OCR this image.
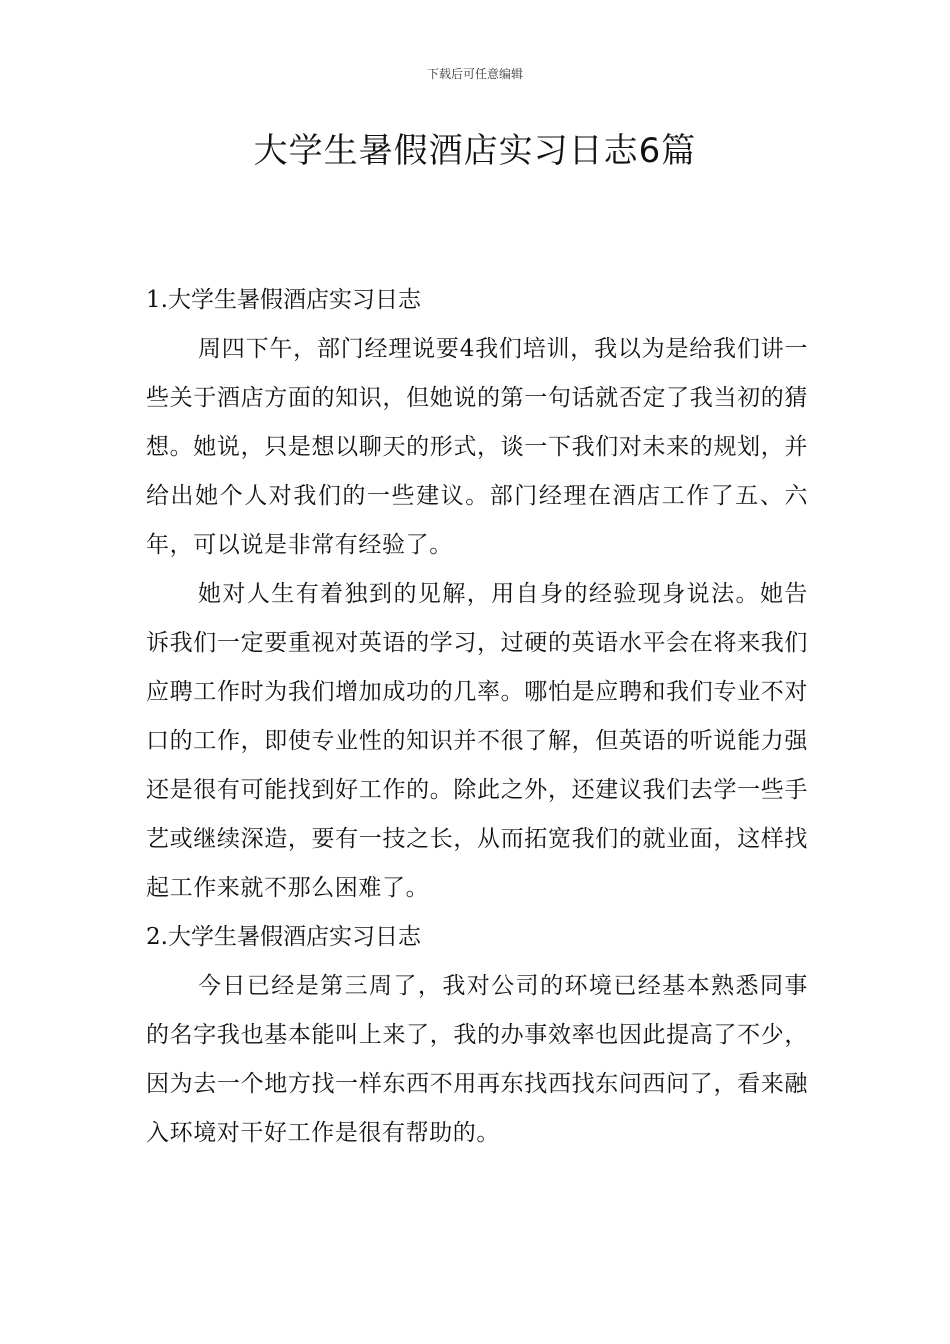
下载后可任意编辑
大学生暑假酒店实习日志6篇

1.大学生暑假酒店实习日志

周四下午，部门经理说要4我们培训，我以为是给我们讲一些关于酒店方面的知识，但她说的第一句话就否定了我当初的猜想。她说，只是想以聊天的形式，谈一下我们对未来的规划，并给出她个人对我们的一些建议。部门经理在酒店工作了五、六年，可以说是非常有经验了。

她对人生有着独到的见解，用自身的经验现身说法。她告诉我们一定要重视对英语的学习，过硬的英语水平会在将来我们应聘工作时为我们增加成功的几率。哪怕是应聘和我们专业不对口的工作，即使专业性的知识并不很了解，但英语的听说能力强还是很有可能找到好工作的。除此之外，还建议我们去学一些手艺或继续深造，要有一技之长，从而拓宽我们的就业面，这样找起工作来就不那么困难了。

2.大学生暑假酒店实习日志

今日已经是第三周了，我对公司的环境已经基本熟悉同事的名字我也基本能叫上来了，我的办事效率也因此提高了不少，因为去一个地方找一样东西不用再东找西找东问西问了，看来融入环境对干好工作是很有帮助的。
